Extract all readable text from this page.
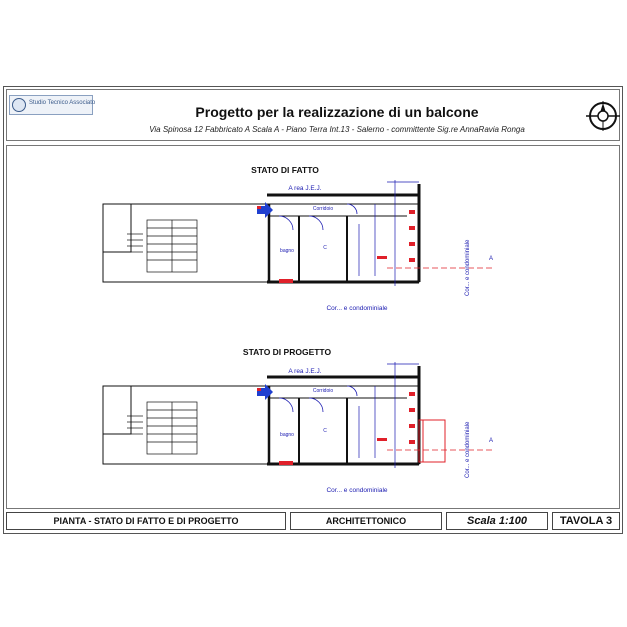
Studio Tecnico Associato
Progetto per la realizzazione di un balcone
Via Spinosa 12 Fabbricato A Scala A - Piano Terra Int.13 - Salerno - committente Sig.re AnnaRavia Ronga
STATO DI FATTO
A rea J.E.J.
Corridoio
bagno	C
A
Cor... e condominiale
Cor... e condominiale
STATO DI PROGETTO
A rea J.E.J.
Corridoio
bagno
C
A
Cor... e condominiale
Cor... e condominiale
PIANTA - STATO DI FATTO E DI PROGETTO	ARCHITETTONICO	Scala 1:100	TAVOLA 3
